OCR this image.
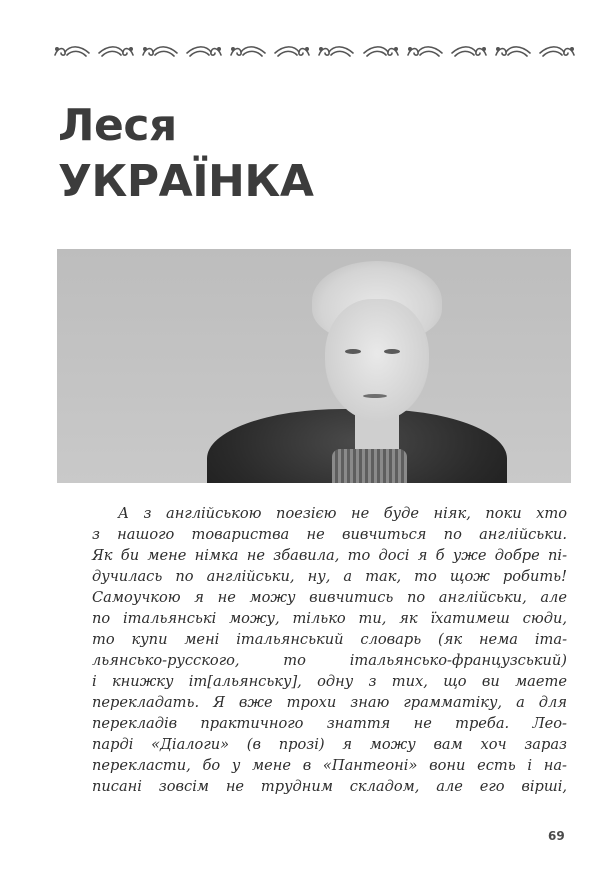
Леся
УКРАЇНКА

А з англійською поезією не буде ніяк, поки хто
з нашого товариства не вивчиться по англійськи.
Як би мене німка не збавила, то досі я б уже добре пі-
дучилась по англійськи, ну, а так, то щож робить!
Самоучкою я не можу вивчитись по англійськи, але
по італьянські можу, тілько ти, як їхатимеш сюди,
то купи мені італьянський словарь (як нема іта-
льянсько-русского, то італьянсько-французський)
і книжку іт[альянську], одну з тих, що ви маете
перекладать. Я вже трохи знаю грамматіку, а для
перекладів практичного знаття не треба. Лео-
парді «Діалоги» (в прозі) я можу вам хоч зараз
перекласти, бо у мене в «Пантеоні» вони есть і на-
писані зовсім не трудним складом, але его вірші,

69
